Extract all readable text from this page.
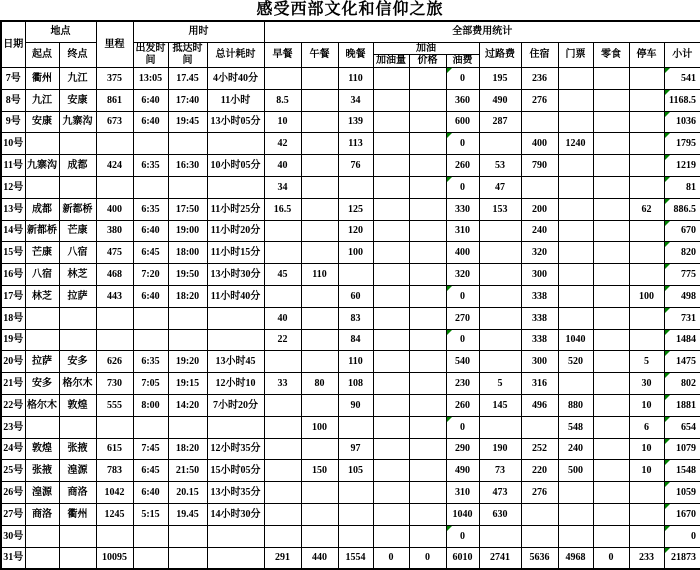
感受西部文化和信仰之旅
日期	地点		里程	用时			全部费用统计											
	起点	终点		出发时间	抵达时间	总计耗时	早餐	午餐	晚餐	加油			过路费	住宿	门票	零食	停车	小计
										加油量	价格	油费						
7号	衢州	九江	375	13:05	17.45	4小时40分			110			0	195	236				541
8号	九江	安康	861	6:40	17:40	11小时	8.5		34			360	490	276				1168.5
9号	安康	九寨沟	673	6:40	19:45	13小时05分	10		139			600	287					1036
10号							42		113			0		400	1240			1795
11号	九寨沟	成都	424	6:35	16:30	10小时05分	40		76			260	53	790				1219
12号							34					0	47					81
13号	成都	新都桥	400	6:35	17:50	11小时25分	16.5		125			330	153	200			62	886.5
14号	新都桥	芒康	380	6:40	19:00	11小时20分			120			310		240				670
15号	芒康	八宿	475	6:45	18:00	11小时15分			100			400		320				820
16号	八宿	林芝	468	7:20	19:50	13小时30分	45	110				320		300				775
17号	林芝	拉萨	443	6:40	18:20	11小时40分			60			0		338			100	498
18号							40		83			270		338				731
19号							22		84			0		338	1040			1484
20号	拉萨	安多	626	6:35	19:20	13小时45			110			540		300	520		5	1475
21号	安多	格尔木	730	7:05	19:15	12小时10	33	80	108			230	5	316			30	802
22号	格尔木	敦煌	555	8:00	14:20	7小时20分			90			260	145	496	880		10	1881
23号								100				0			548		6	654
24号	敦煌	张掖	615	7:45	18:20	12小时35分			97			290	190	252	240		10	1079
25号	张掖	湟源	783	6:45	21:50	15小时05分		150	105			490	73	220	500		10	1548
26号	湟源	商洛	1042	6:40	20.15	13小时35分						310	473	276				1059
27号	商洛	衢州	1245	5:15	19.45	14小时30分						1040	630					1670
30号												0						0
31号			10095				291	440	1554	0	0	6010	2741	5636	4968	0	233	21873
